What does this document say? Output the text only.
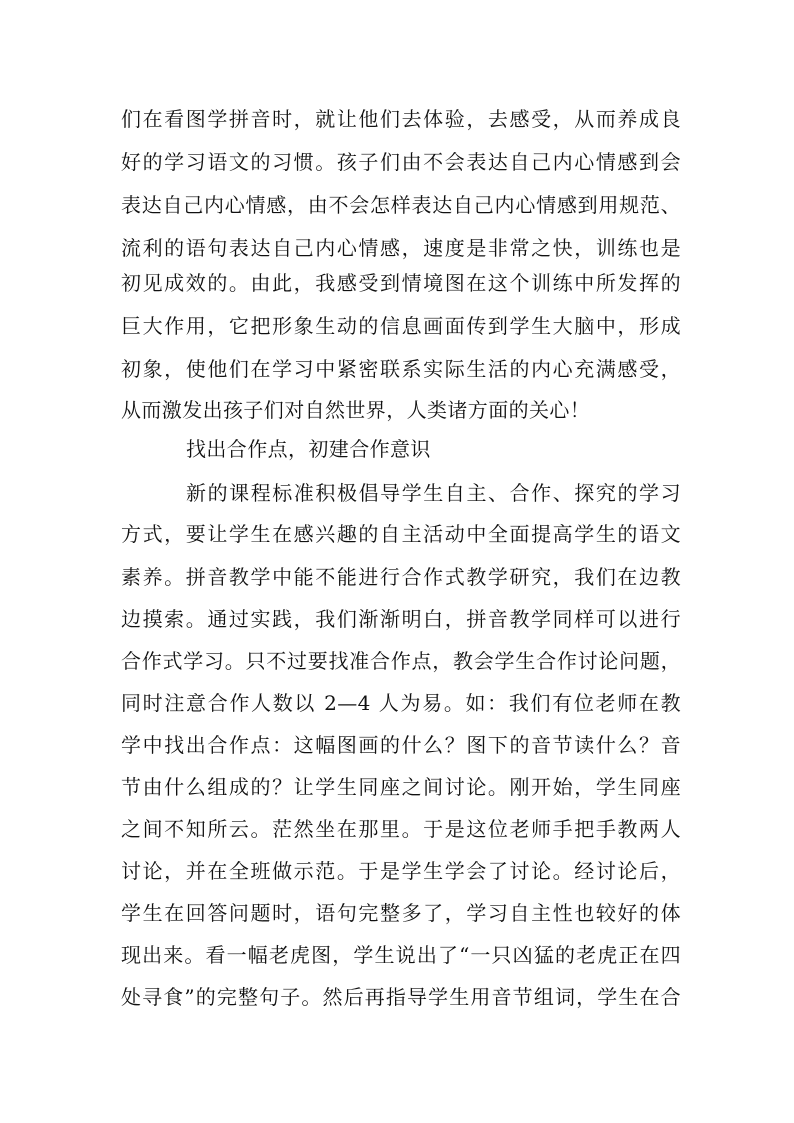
们在看图学拼音时，就让他们去体验，去感受，从而养成良
好的学习语文的习惯。孩子们由不会表达自己内心情感到会
表达自己内心情感，由不会怎样表达自己内心情感到用规范、
流利的语句表达自己内心情感，速度是非常之快，训练也是
初见成效的。由此，我感受到情境图在这个训练中所发挥的
巨大作用，它把形象生动的信息画面传到学生大脑中，形成
初象，使他们在学习中紧密联系实际生活的内心充满感受，
从而激发出孩子们对自然世界，人类诸方面的关心！
找出合作点，初建合作意识
新的课程标准积极倡导学生自主、合作、探究的学习
方式，要让学生在感兴趣的自主活动中全面提高学生的语文
素养。拼音教学中能不能进行合作式教学研究，我们在边教
边摸索。通过实践，我们渐渐明白，拼音教学同样可以进行
合作式学习。只不过要找准合作点，教会学生合作讨论问题，
同时注意合作人数以 2—4 人为易。如：我们有位老师在教
学中找出合作点：这幅图画的什么？图下的音节读什么？音
节由什么组成的？让学生同座之间讨论。刚开始，学生同座
之间不知所云。茫然坐在那里。于是这位老师手把手教两人
讨论，并在全班做示范。于是学生学会了讨论。经讨论后，
学生在回答问题时，语句完整多了，学习自主性也较好的体
现出来。看一幅老虎图，学生说出了“一只凶猛的老虎正在四
处寻食”的完整句子。然后再指导学生用音节组词，学生在合
